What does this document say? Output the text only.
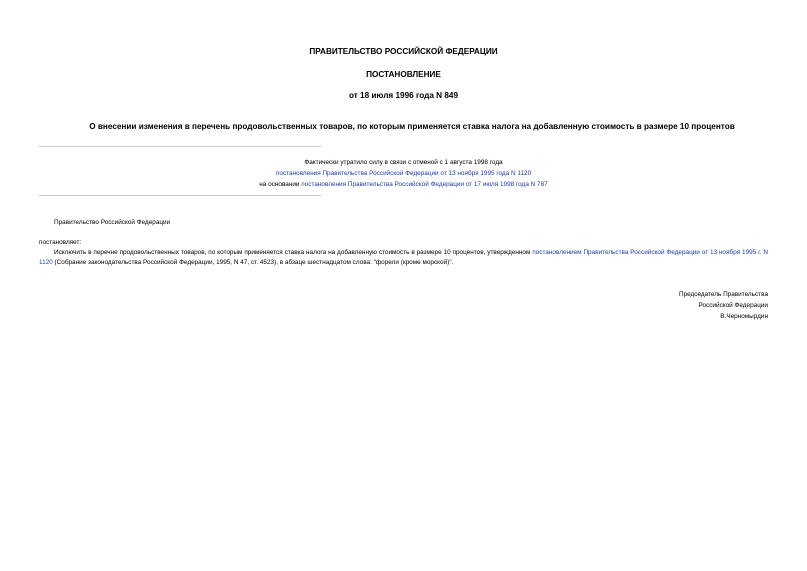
ПРАВИТЕЛЬСТВО РОССИЙСКОЙ ФЕДЕРАЦИИ
ПОСТАНОВЛЕНИЕ
от 18 июля 1996 года N 849
О внесении изменения в перечень продовольственных товаров, по которым применяется ставка налога на добавленную стоимость в размере 10 процентов
Фактически утратило силу в связи с отменой с 1 августа 1998 года
постановления Правительства Российской Федерации от 13 ноября 1995 года N 1120
на основании постановления Правительства Российской Федерации от 17 июля 1998 года N 787
Правительство Российской Федерации
постановляет:
Исключить в перечне продовольственных товаров, по которым применяется ставка налога на добавленную стоимость в размере 10 процентов, утвержденном постановлением Правительства Российской Федерации от 13 ноября 1995 г. N 1120 (Собрание законодательства Российской Федерации, 1995, N 47, ст. 4523), в абзаце шестнадцатом слова: "форели (кроме морской)".
Председатель Правительства
Российской Федерации
В.Черномырдин
